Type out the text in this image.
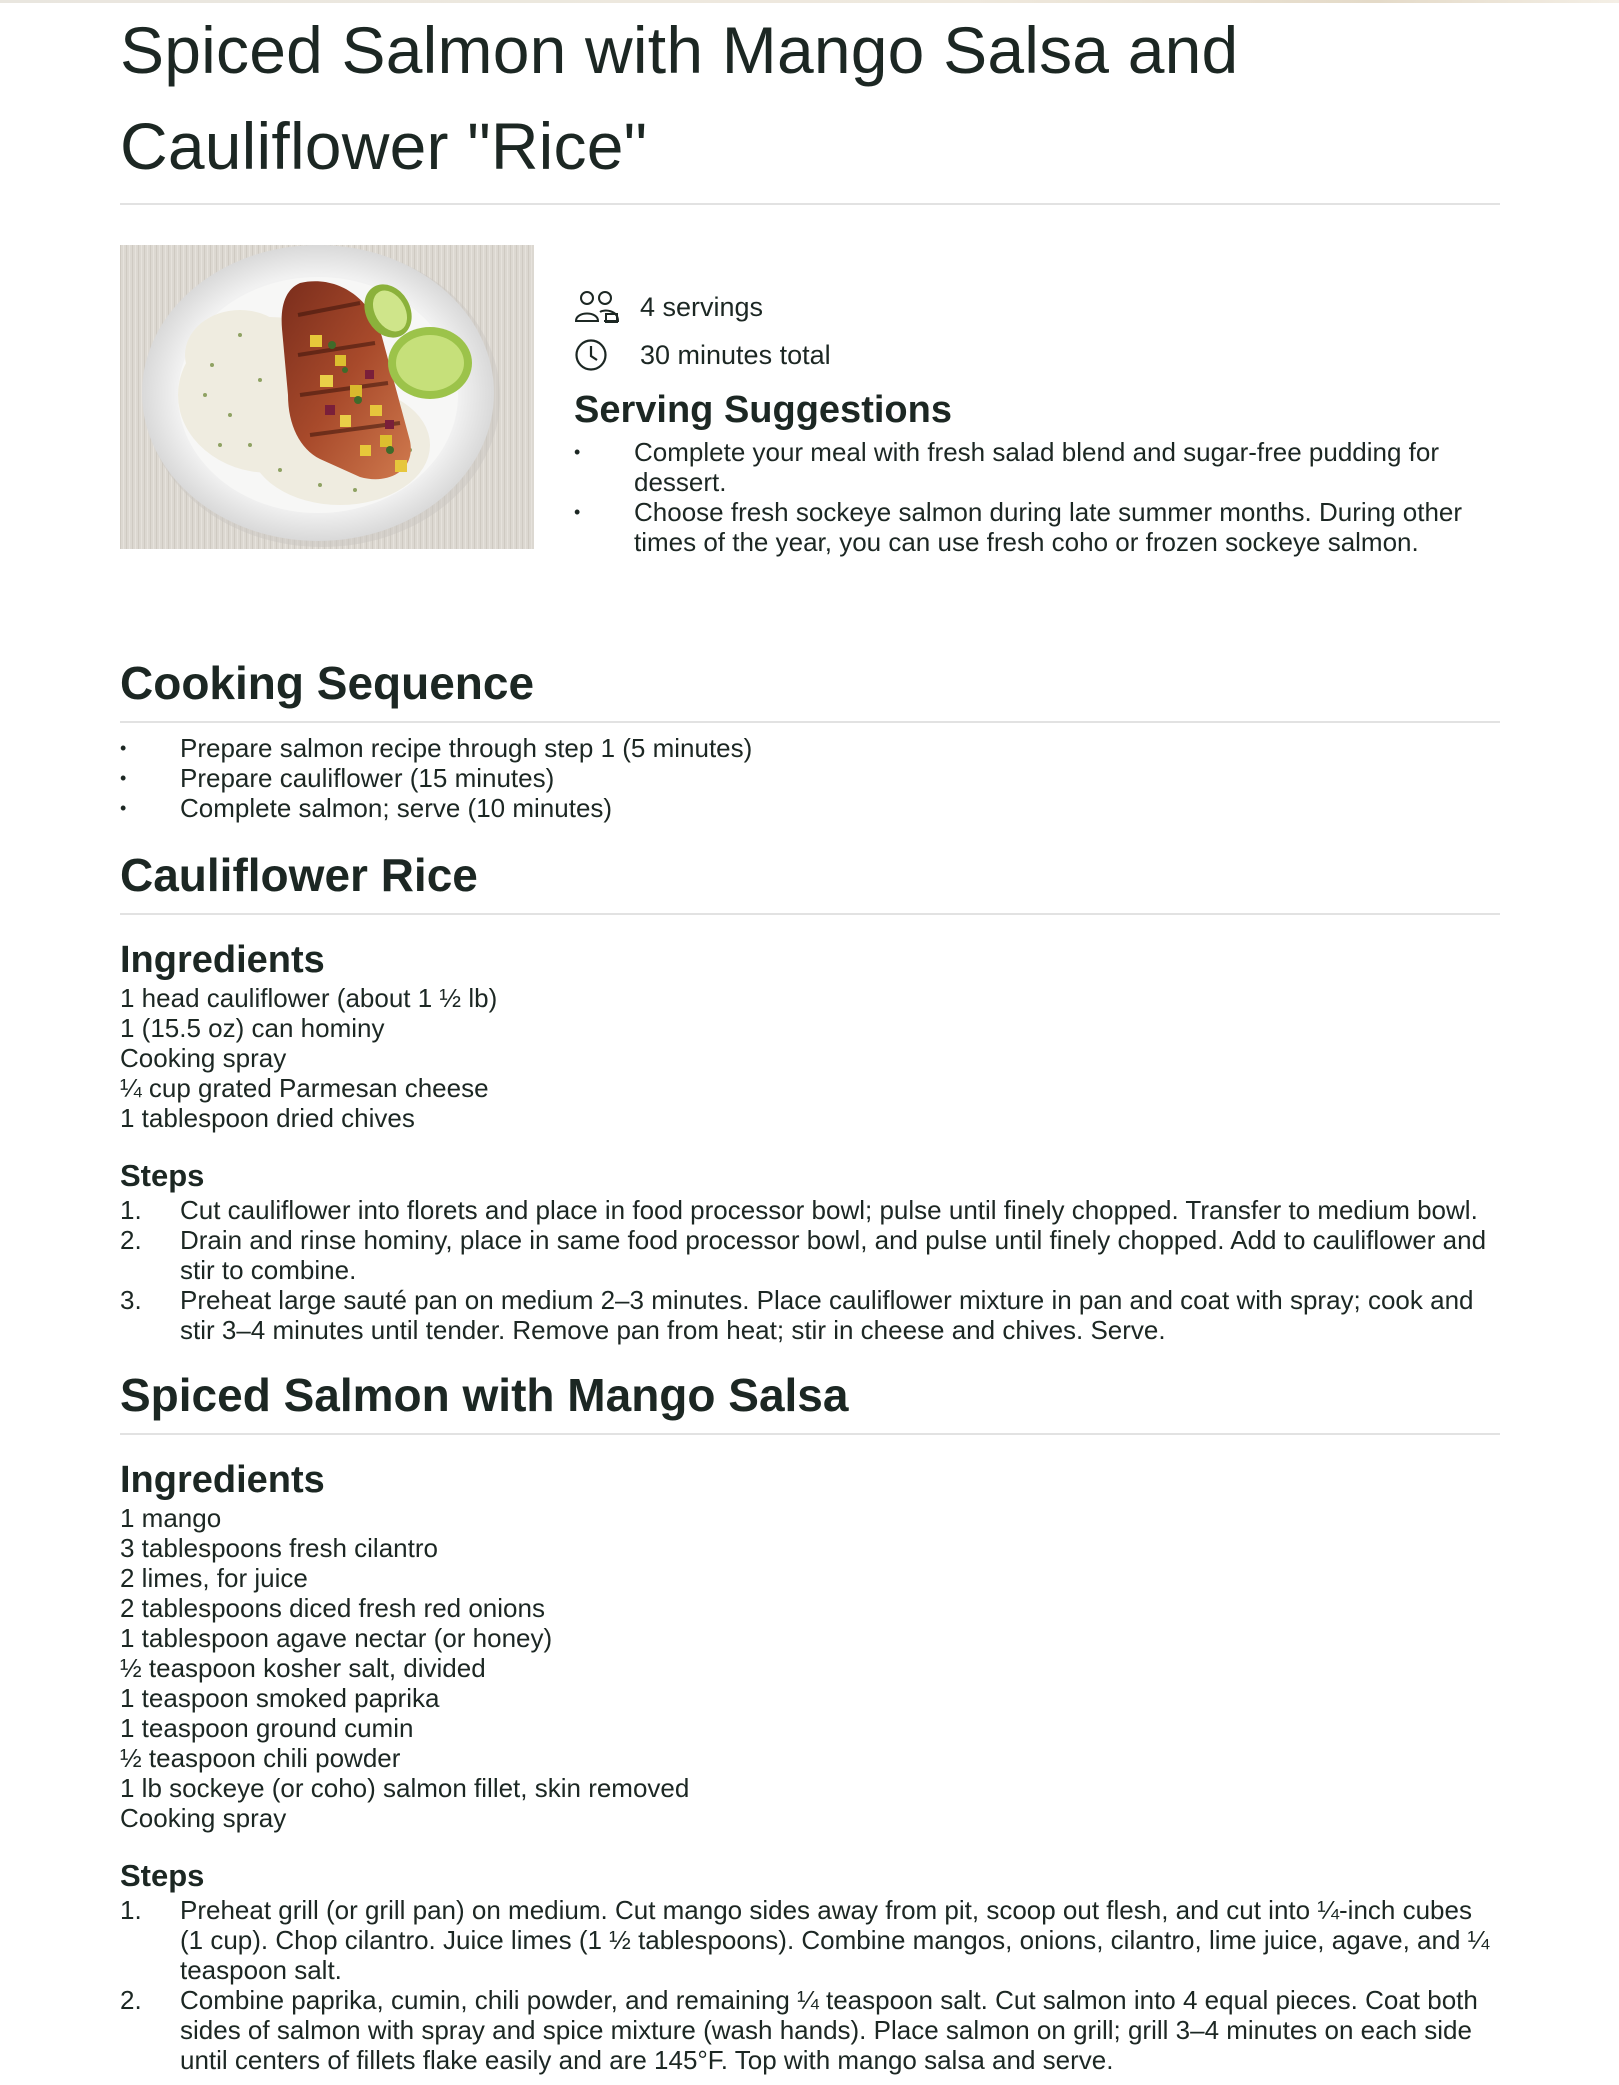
Spiced Salmon with Mango Salsa and
Cauliflower "Rice"
4 servings
30 minutes total
Serving Suggestions
• Complete your meal with fresh salad blend and sugar-free pudding for dessert.
• Choose fresh sockeye salmon during late summer months. During other times of the year, you can use fresh coho or frozen sockeye salmon.
Cooking Sequence
• Prepare salmon recipe through step 1 (5 minutes)
• Prepare cauliflower (15 minutes)
• Complete salmon; serve (10 minutes)
Cauliflower Rice
Ingredients
1 head cauliflower (about 1 ½ lb)
1 (15.5 oz) can hominy
Cooking spray
¼ cup grated Parmesan cheese
1 tablespoon dried chives
Steps
1. Cut cauliflower into florets and place in food processor bowl; pulse until finely chopped. Transfer to medium bowl.
2. Drain and rinse hominy, place in same food processor bowl, and pulse until finely chopped. Add to cauliflower and stir to combine.
3. Preheat large sauté pan on medium 2–3 minutes. Place cauliflower mixture in pan and coat with spray; cook and stir 3–4 minutes until tender. Remove pan from heat; stir in cheese and chives. Serve.
Spiced Salmon with Mango Salsa
Ingredients
1 mango
3 tablespoons fresh cilantro
2 limes, for juice
2 tablespoons diced fresh red onions
1 tablespoon agave nectar (or honey)
½ teaspoon kosher salt, divided
1 teaspoon smoked paprika
1 teaspoon ground cumin
½ teaspoon chili powder
1 lb sockeye (or coho) salmon fillet, skin removed
Cooking spray
Steps
1. Preheat grill (or grill pan) on medium. Cut mango sides away from pit, scoop out flesh, and cut into ¼-inch cubes (1 cup). Chop cilantro. Juice limes (1 ½ tablespoons). Combine mangos, onions, cilantro, lime juice, agave, and ¼ teaspoon salt.
2. Combine paprika, cumin, chili powder, and remaining ¼ teaspoon salt. Cut salmon into 4 equal pieces. Coat both sides of salmon with spray and spice mixture (wash hands). Place salmon on grill; grill 3–4 minutes on each side until centers of fillets flake easily and are 145°F. Top with mango salsa and serve.
